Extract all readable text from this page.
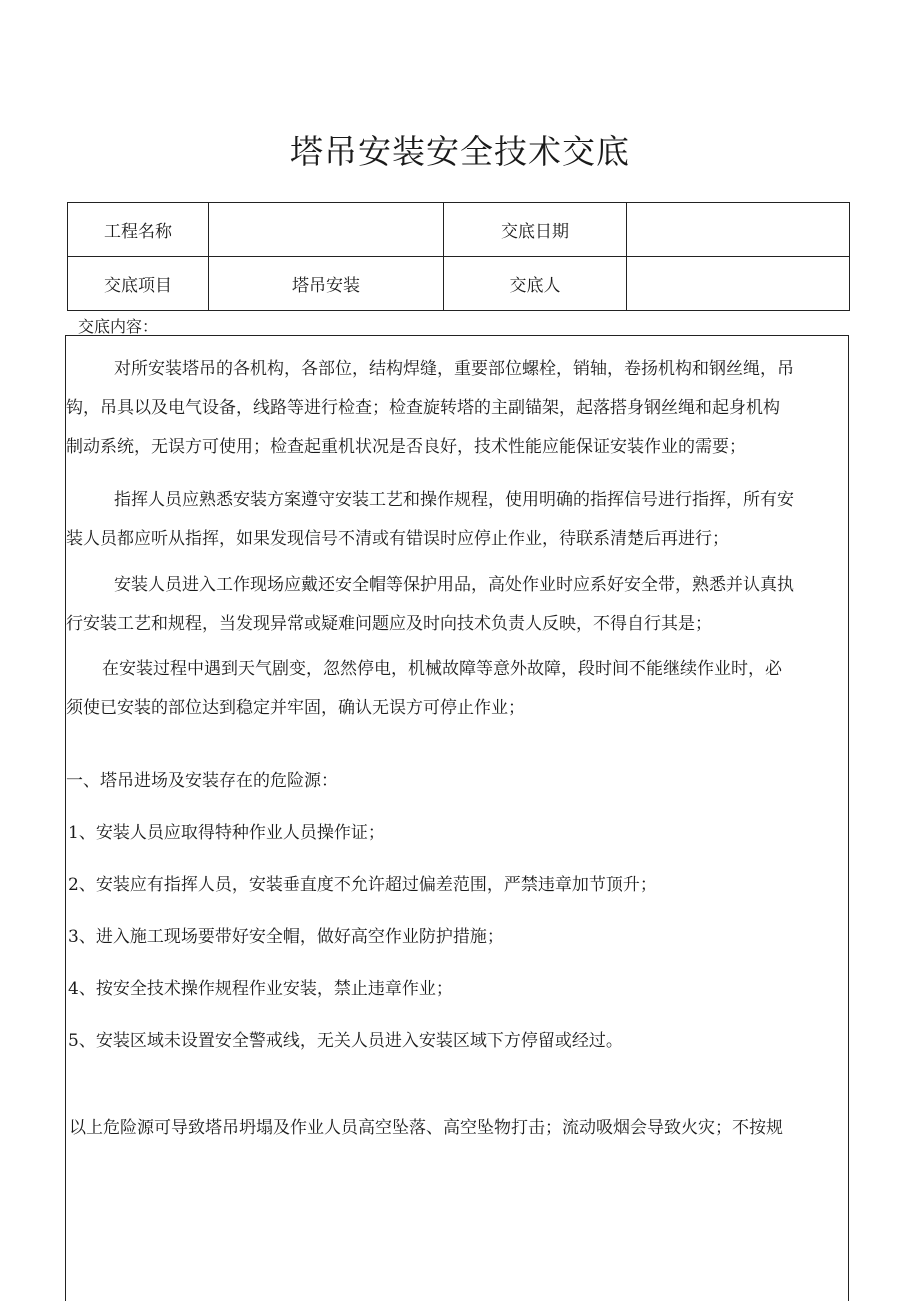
塔吊安装安全技术交底
工程名称		交底日期	
交底项目	塔吊安装	交底人	
交底内容：
对所安装塔吊的各机构，各部位，结构焊缝，重要部位螺栓，销轴，卷扬机构和钢丝绳，吊
钩，吊具以及电气设备，线路等进行检查；检查旋转塔的主副锚架，起落搭身钢丝绳和起身机构
制动系统，无误方可使用；检查起重机状况是否良好，技术性能应能保证安装作业的需要；
指挥人员应熟悉安装方案遵守安装工艺和操作规程，使用明确的指挥信号进行指挥，所有安
装人员都应听从指挥，如果发现信号不清或有错误时应停止作业，待联系清楚后再进行；
安装人员进入工作现场应戴还安全帽等保护用品，高处作业时应系好安全带，熟悉并认真执
行安装工艺和规程，当发现异常或疑难问题应及时向技术负责人反映，不得自行其是；
在安装过程中遇到天气剧变，忽然停电，机械故障等意外故障，段时间不能继续作业时，必
须使已安装的部位达到稳定并牢固，确认无误方可停止作业；
一、塔吊进场及安装存在的危险源：
1、安装人员应取得特种作业人员操作证；
2、安装应有指挥人员，安装垂直度不允许超过偏差范围，严禁违章加节顶升；
3、进入施工现场要带好安全帽，做好高空作业防护措施；
4、按安全技术操作规程作业安装，禁止违章作业；
5、安装区域未设置安全警戒线，无关人员进入安装区域下方停留或经过。
以上危险源可导致塔吊坍塌及作业人员高空坠落、高空坠物打击；流动吸烟会导致火灾；不按规
